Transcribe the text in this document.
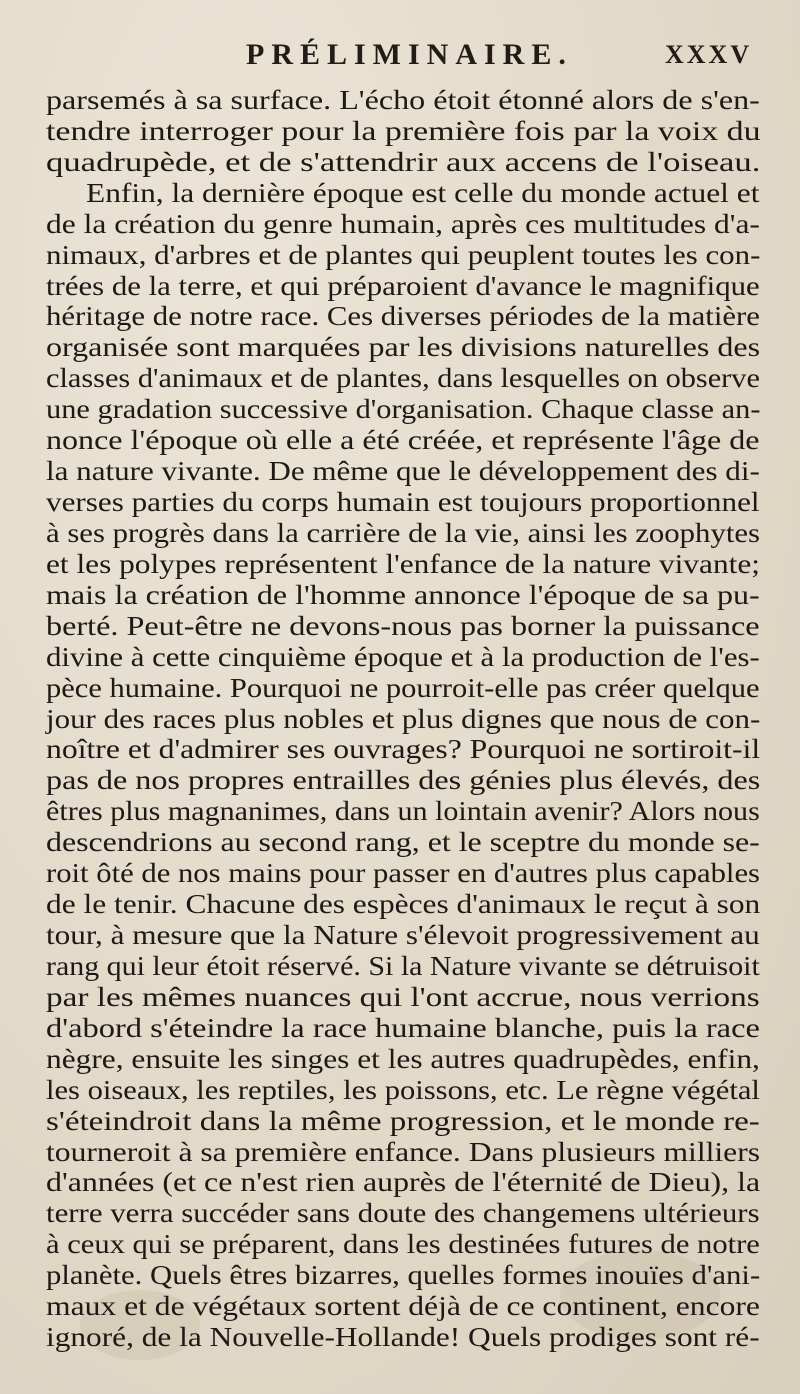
PRÉLIMINAIRE.	XXXV
parsemés à sa surface. L'écho étoit étonné alors de s'en-
tendre interroger pour la première fois par la voix du
quadrupède, et de s'attendrir aux accens de l'oiseau.
Enfin, la dernière époque est celle du monde actuel et
de la création du genre humain, après ces multitudes d'a-
nimaux, d'arbres et de plantes qui peuplent toutes les con-
trées de la terre, et qui préparoient d'avance le magnifique
héritage de notre race. Ces diverses périodes de la matière
organisée sont marquées par les divisions naturelles des
classes d'animaux et de plantes, dans lesquelles on observe
une gradation successive d'organisation. Chaque classe an-
nonce l'époque où elle a été créée, et représente l'âge de
la nature vivante. De même que le développement des di-
verses parties du corps humain est toujours proportionnel
à ses progrès dans la carrière de la vie, ainsi les zoophytes
et les polypes représentent l'enfance de la nature vivante;
mais la création de l'homme annonce l'époque de sa pu-
berté. Peut-être ne devons-nous pas borner la puissance
divine à cette cinquième époque et à la production de l'es-
pèce humaine. Pourquoi ne pourroit-elle pas créer quelque
jour des races plus nobles et plus dignes que nous de con-
noître et d'admirer ses ouvrages? Pourquoi ne sortiroit-il
pas de nos propres entrailles des génies plus élevés, des
êtres plus magnanimes, dans un lointain avenir? Alors nous
descendrions au second rang, et le sceptre du monde se-
roit ôté de nos mains pour passer en d'autres plus capables
de le tenir. Chacune des espèces d'animaux le reçut à son
tour, à mesure que la Nature s'élevoit progressivement au
rang qui leur étoit réservé. Si la Nature vivante se détruisoit
par les mêmes nuances qui l'ont accrue, nous verrions
d'abord s'éteindre la race humaine blanche, puis la race
nègre, ensuite les singes et les autres quadrupèdes, enfin,
les oiseaux, les reptiles, les poissons, etc. Le règne végétal
s'éteindroit dans la même progression, et le monde re-
tourneroit à sa première enfance. Dans plusieurs milliers
d'années (et ce n'est rien auprès de l'éternité de Dieu), la
terre verra succéder sans doute des changemens ultérieurs
à ceux qui se préparent, dans les destinées futures de notre
planète. Quels êtres bizarres, quelles formes inouïes d'ani-
maux et de végétaux sortent déjà de ce continent, encore
ignoré, de la Nouvelle-Hollande! Quels prodiges sont ré-
